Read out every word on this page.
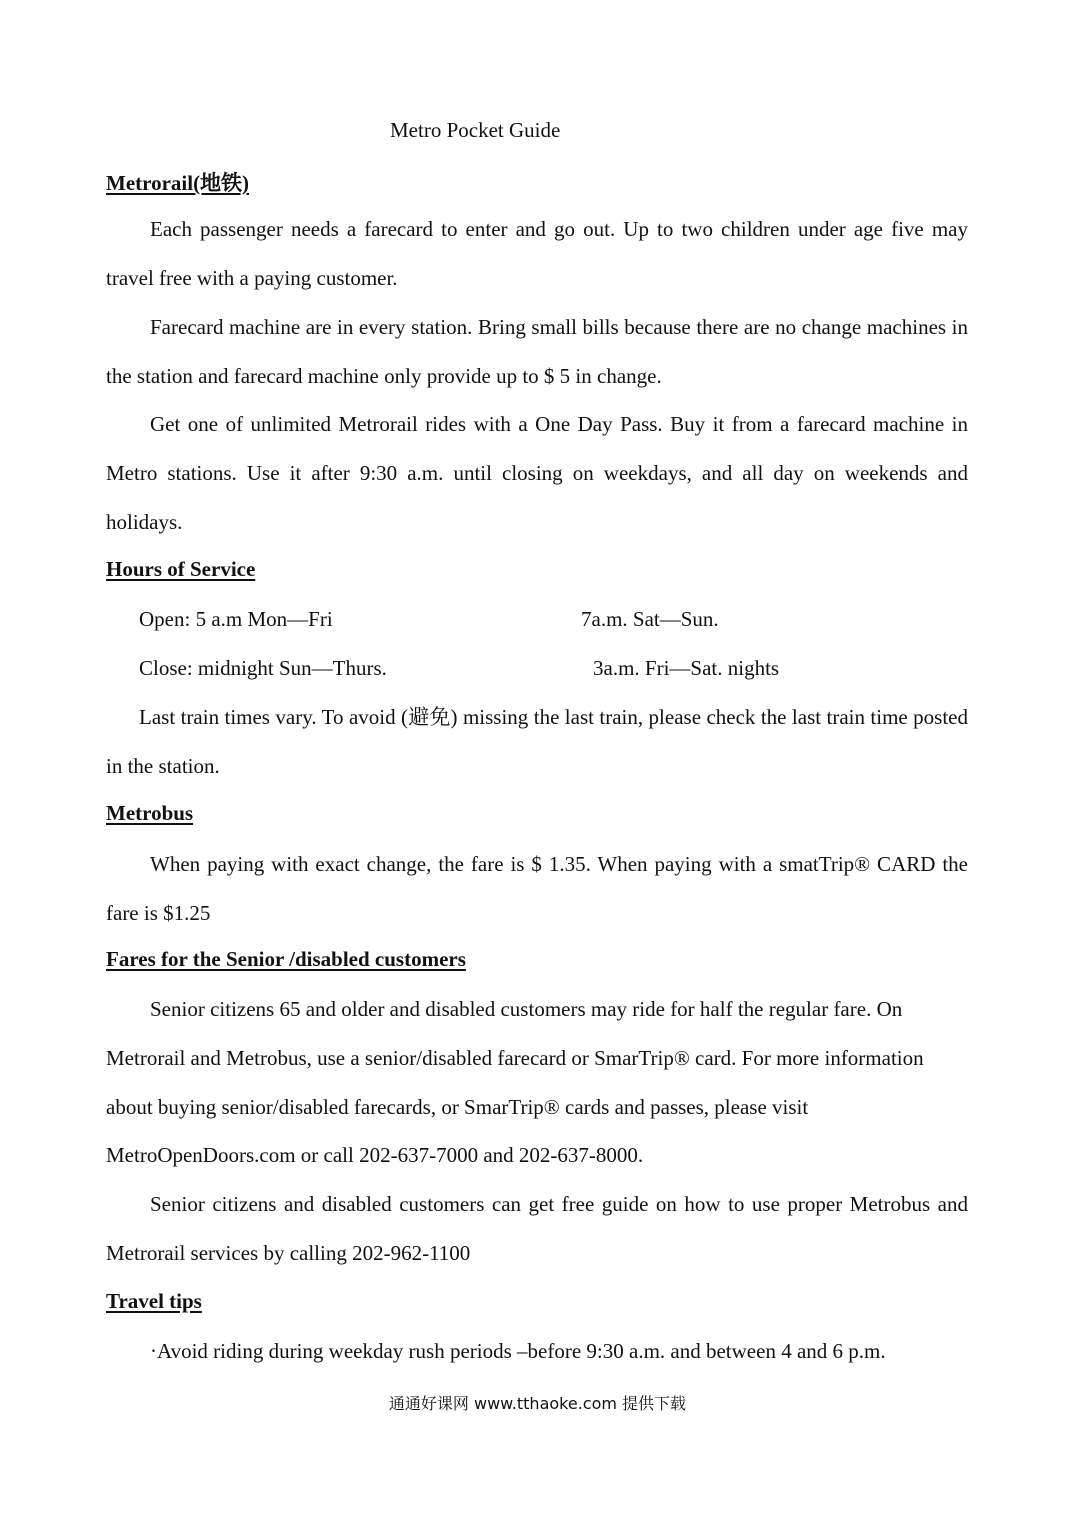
Metro Pocket Guide
Metrorail(地铁)
Each passenger needs a farecard to enter and go out. Up to two children under age five may travel free with a paying customer.
Farecard machine are in every station. Bring small bills because there are no change machines in the station and farecard machine only provide up to $ 5 in change.
Get one of unlimited Metrorail rides with a One Day Pass. Buy it from a farecard machine in Metro stations. Use it after 9:30 a.m. until closing on weekdays, and all day on weekends and holidays.
Hours of Service
Open: 5 a.m Mon—Fri	7a.m. Sat—Sun.
Close: midnight Sun—Thurs.	3a.m. Fri—Sat. nights
Last train times vary. To avoid (避免) missing the last train, please check the last train time posted in the station.
Metrobus
When paying with exact change, the fare is $ 1.35. When paying with a smatTrip® CARD the fare is $1.25
Fares for the Senior /disabled customers
Senior citizens 65 and older and disabled customers may ride for half the regular fare. On
Metrorail and Metrobus, use a senior/disabled farecard or SmarTrip® card. For more information
about buying senior/disabled farecards, or SmarTrip® cards and passes, please visit
MetroOpenDoors.com or call 202-637-7000 and 202-637-8000.
Senior citizens and disabled customers can get free guide on how to use proper Metrobus and Metrorail services by calling 202-962-1100
Travel tips
·Avoid riding during weekday rush periods –before 9:30 a.m. and between 4 and 6 p.m.
通通好课网 www.tthaoke.com 提供下载
